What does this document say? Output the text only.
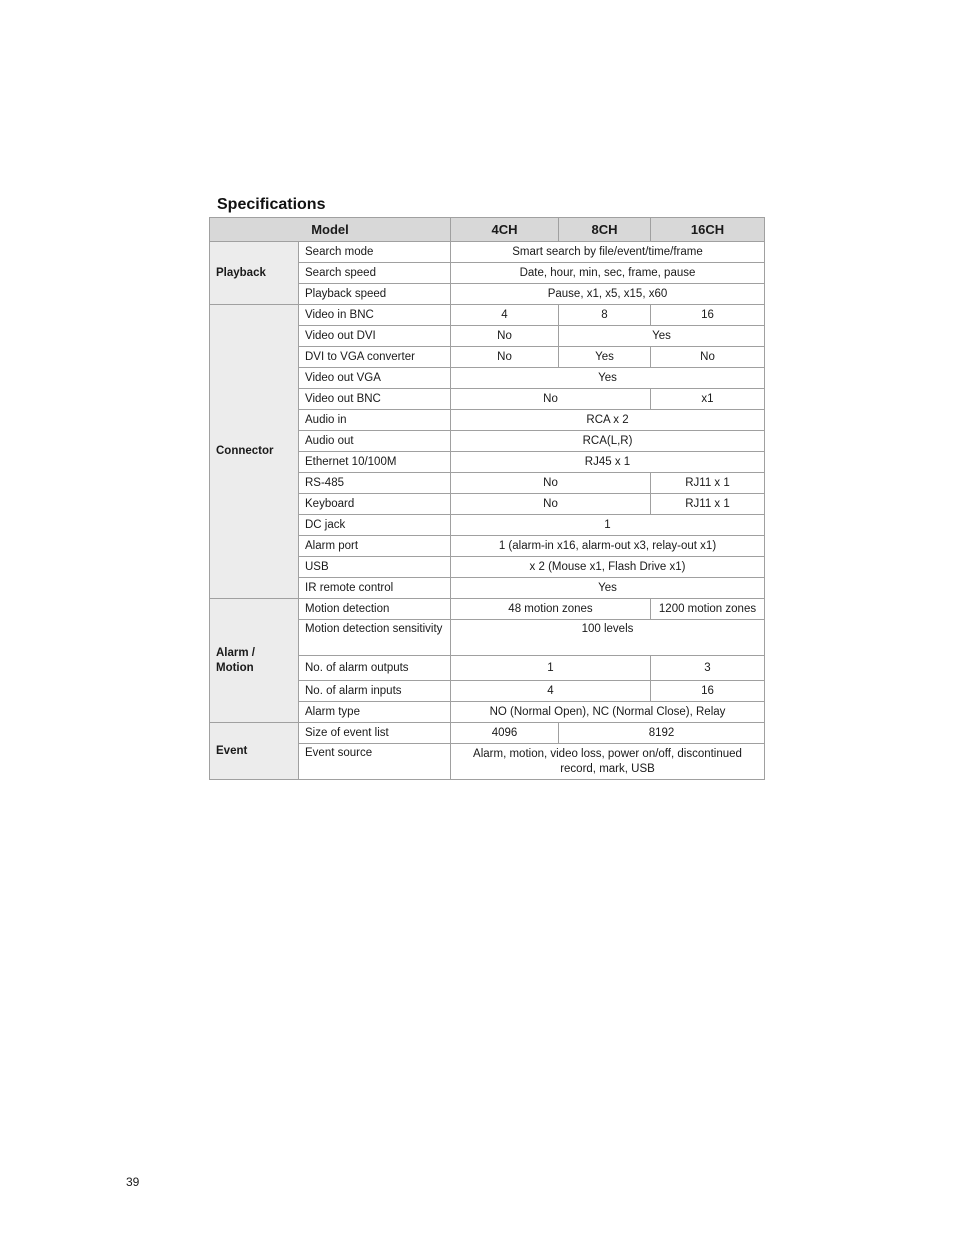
Specifications
Model		4CH	8CH	16CH
Playback	Search mode	Smart search by file/event/time/frame		
	Search speed	Date, hour, min, sec, frame, pause		
	Playback speed	Pause, x1, x5, x15, x60		
Connector	Video in BNC	4	8	16
	Video out DVI	No	Yes	
	DVI to VGA converter	No	Yes	No
	Video out VGA	Yes		
	Video out BNC	No		x1
	Audio in	RCA x 2		
	Audio out	RCA(L,R)		
	Ethernet 10/100M	RJ45 x 1		
	RS-485	No		RJ11 x 1
	Keyboard	No		RJ11 x 1
	DC jack	1		
	Alarm port	1 (alarm-in x16, alarm-out x3, relay-out x1)		
	USB	x 2 (Mouse x1, Flash Drive x1)		
	IR remote control	Yes		
Alarm / Motion	Motion detection	48 motion zones		1200 motion zones
	Motion detection sensitivity	100 levels		
	No. of alarm outputs	1		3
	No. of alarm inputs	4		16
	Alarm type	NO (Normal Open), NC (Normal Close), Relay		
Event	Size of event list	4096	8192	
	Event source	Alarm, motion, video loss, power on/off, discontinued record, mark, USB		
39
